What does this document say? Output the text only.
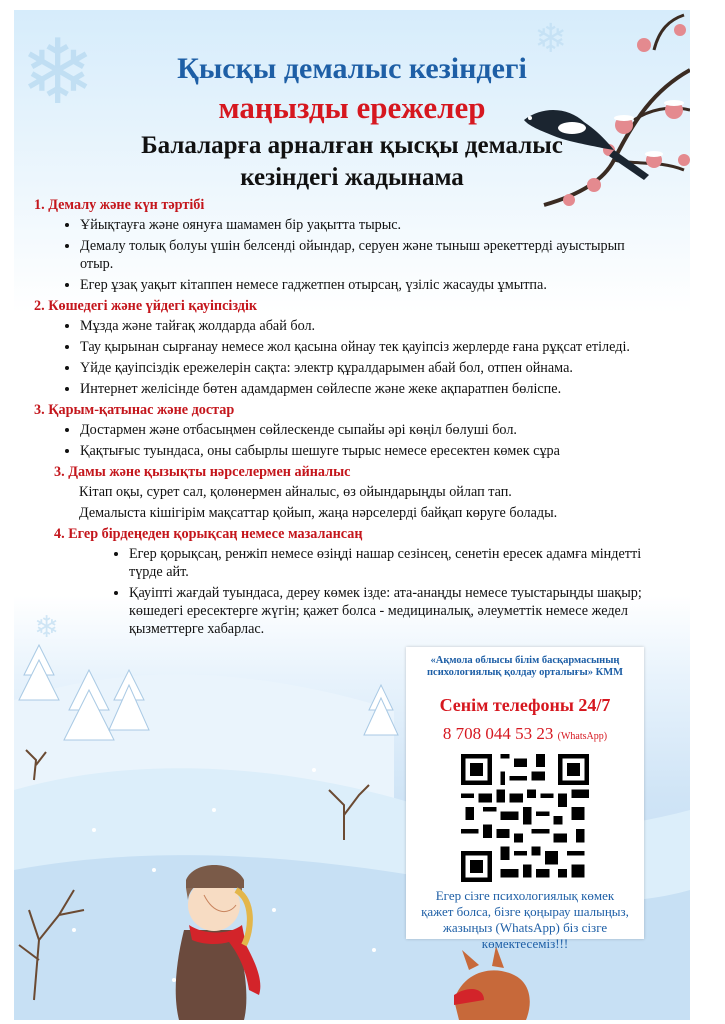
❄	❄
❄
Қысқы демалыс кезіндегі
маңызды ережелер
Балаларға арналған қысқы демалыс
кезіндегі жадынама
1. Демалу және күн тәртібі
• Ұйықтауға және оянуға шамамен бір уақытта тырыс.
• Демалу толық болуы үшін белсенді ойындар, серуен және тыныш әрекеттерді ауыстырып отыр.
• Егер ұзақ уақыт кітаппен немесе гаджетпен отырсаң, үзіліс жасауды ұмытпа.
2. Көшедегі және үйдегі қауіпсіздік
• Мұзда және тайғақ жолдарда абай бол.
• Тау қырынан сырғанау немесе жол қасына ойнау тек қауіпсіз жерлерде ғана рұқсат етіледі.
• Үйде қауіпсіздік ережелерін сақта: электр құралдарымен абай бол, отпен ойнама.
• Интернет желісінде бөтен адамдармен сөйлеспе және жеке ақпаратпен бөліспе.
3. Қарым-қатынас және достар
• Достармен және отбасыңмен сөйлескенде сыпайы әрі көңіл бөлуші бол.
• Қақтығыс туындаса, оны сабырлы шешуге тырыс немесе ересектен көмек сұра
3. Дамы және қызықты нәрселермен айналыс
Кітап оқы, сурет сал, қолөнермен айналыс, өз ойындарыңды ойлап тап.
Демалыста кішігірім мақсаттар қойып, жаңа нәрселерді байқап көруге болады.
4. Егер бірдеңеден қорықсаң немесе мазалансаң
• Егер қорықсаң, ренжіп немесе өзіңді нашар сезінсең, сенетін ересек адамға міндетті түрде айт.
• Қауіпті жағдай туындаса, дереу көмек ізде: ата-анаңды немесе туыстарыңды шақыр; көшедегі ересектерге жүгін; қажет болса - медициналық, әлеуметтік немесе жедел қызметтерге хабарлас.
«Ақмола облысы білім басқармасының психологиялық қолдау орталығы» КММ
Сенім телефоны 24/7
8 708 044 53 23 (WhatsApp)
Егер сізге психологиялық көмек қажет болса, бізге қоңырау шалыңыз, жазыңыз (WhatsApp) біз сізге көмектесеміз!!!
